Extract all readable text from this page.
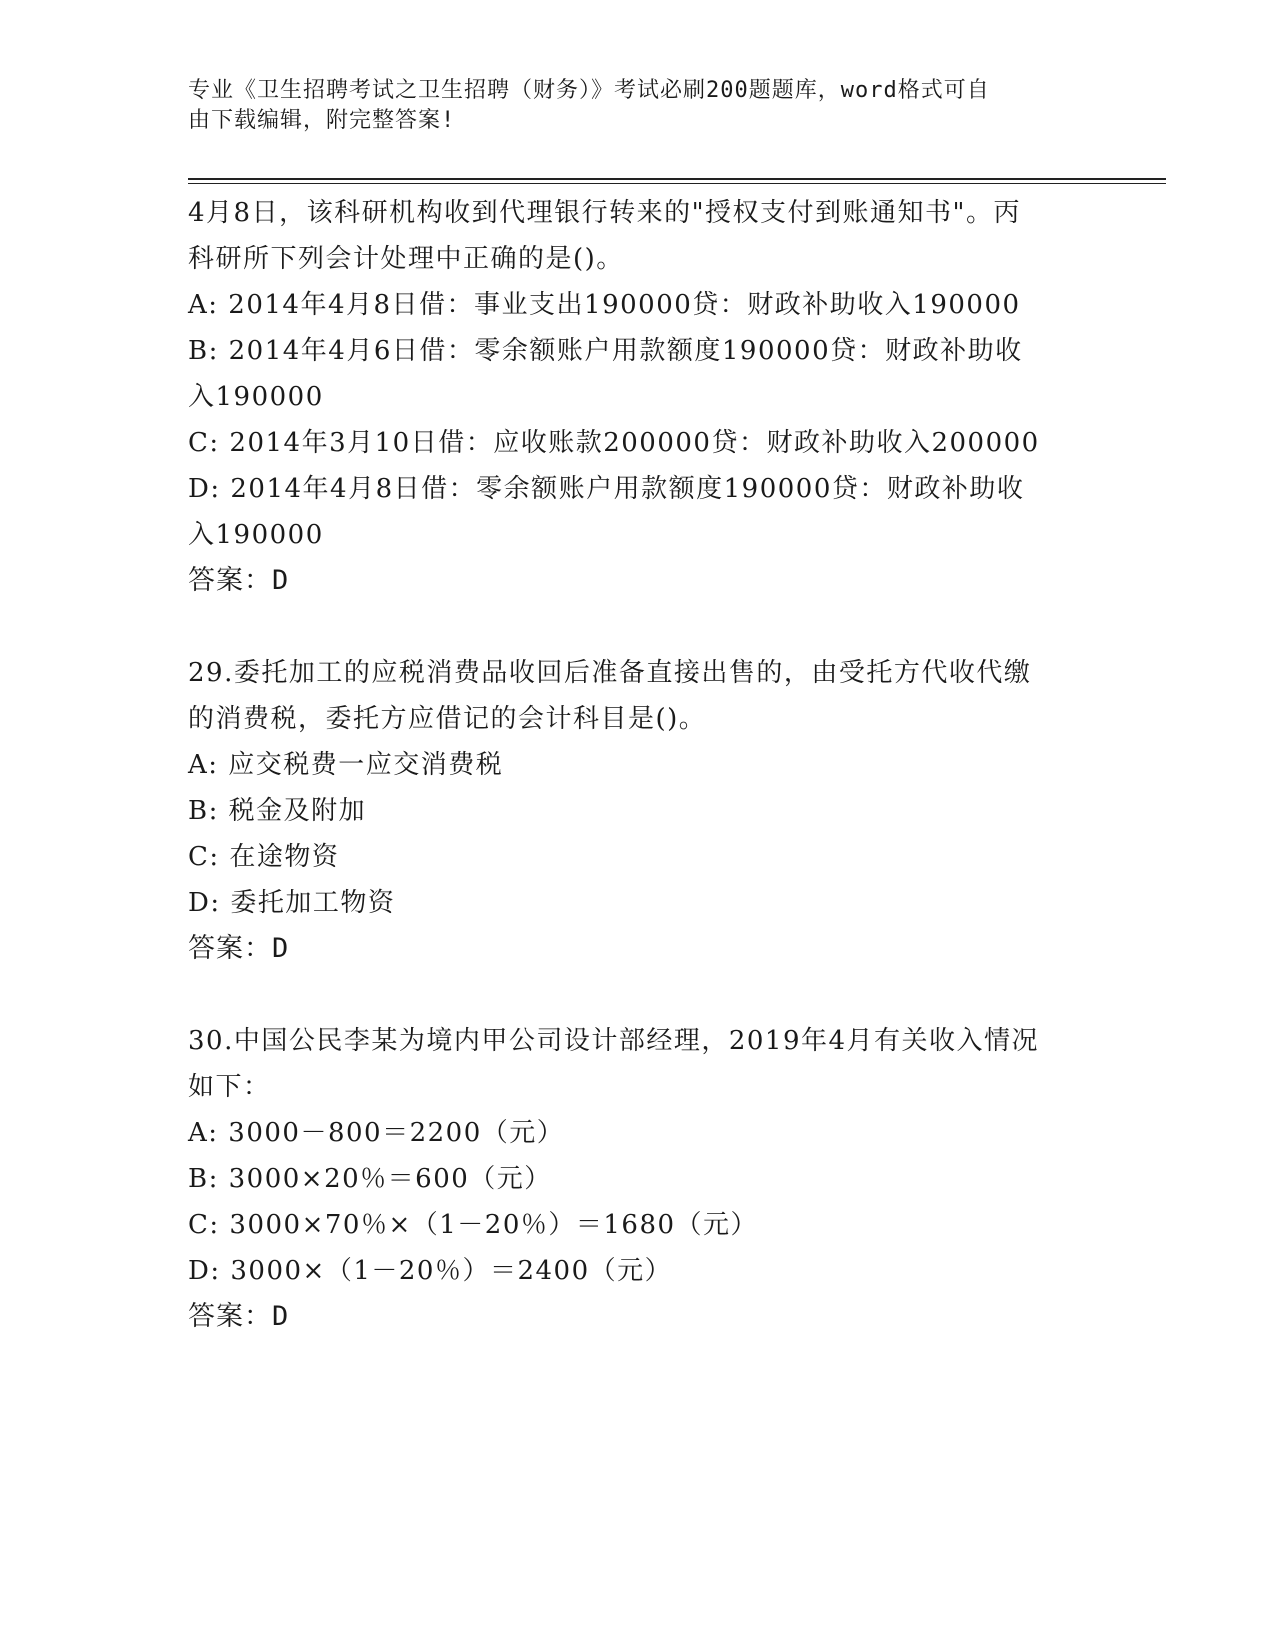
专业《卫生招聘考试之卫生招聘（财务）》考试必刷200题题库，word格式可自
由下载编辑，附完整答案!
4月8日，该科研机构收到代理银行转来的"授权支付到账通知书"。丙
科研所下列会计处理中正确的是()。
A: 2014年4月8日借：事业支出190000贷：财政补助收入190000
B: 2014年4月6日借：零余额账户用款额度190000贷：财政补助收
入190000
C: 2014年3月10日借：应收账款200000贷：财政补助收入200000
D: 2014年4月8日借：零余额账户用款额度190000贷：财政补助收
入190000
答案：D
29.委托加工的应税消费品收回后准备直接出售的，由受托方代收代缴
的消费税，委托方应借记的会计科目是()。
A: 应交税费一应交消费税
B: 税金及附加
C: 在途物资
D: 委托加工物资
答案：D
30.中国公民李某为境内甲公司设计部经理，2019年4月有关收入情况
如下：
A: 3000－800＝2200（元）
B: 3000×20％＝600（元）
C: 3000×70％×（1－20％）＝1680（元）
D: 3000×（1－20％）＝2400（元）
答案：D
